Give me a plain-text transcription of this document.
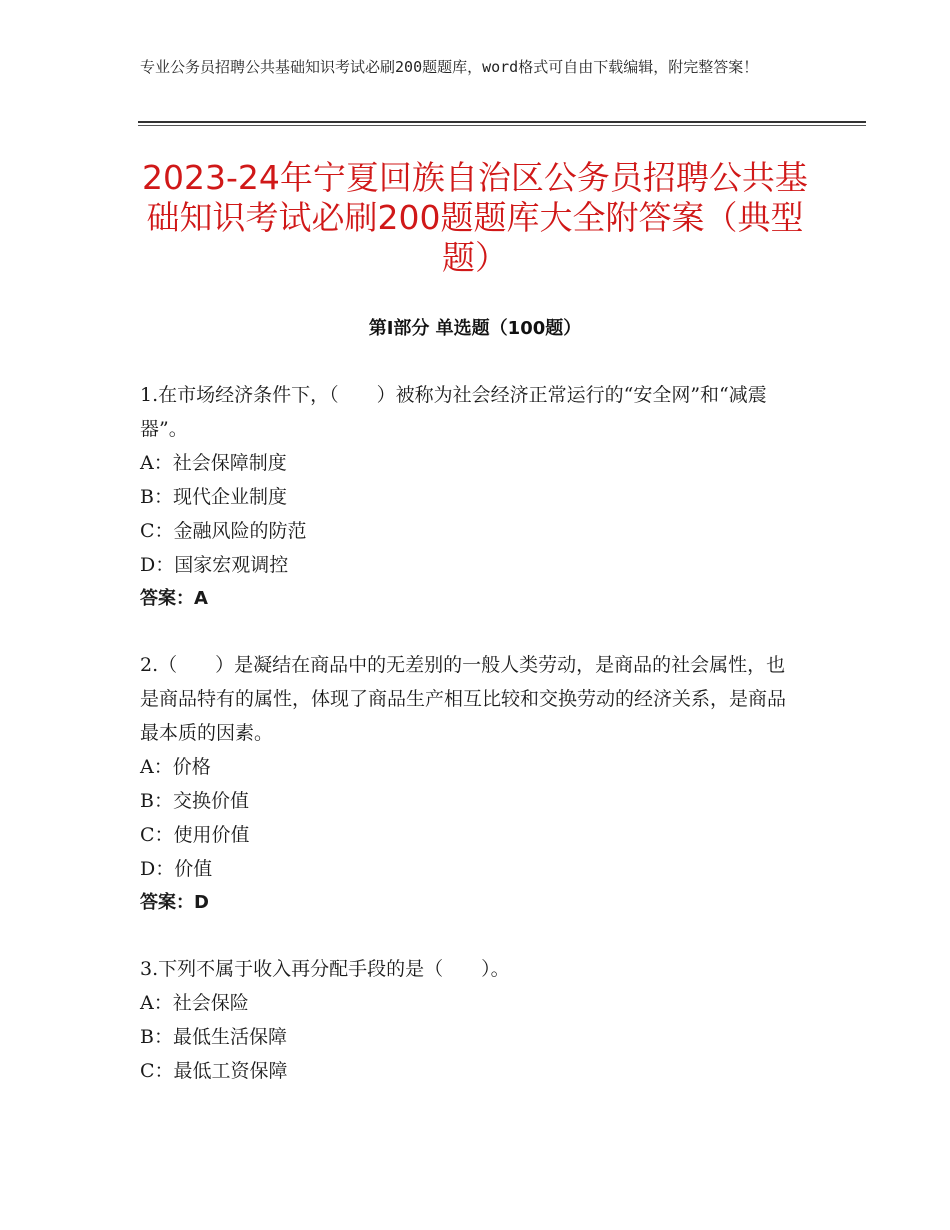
专业公务员招聘公共基础知识考试必刷200题题库，word格式可自由下载编辑，附完整答案！
2023-24年宁夏回族自治区公务员招聘公共基础知识考试必刷200题题库大全附答案（典型题）
第Ⅰ部分 单选题（100题）

1.在市场经济条件下，（　　）被称为社会经济正常运行的“安全网”和“减震器”。

A：社会保障制度

B：现代企业制度

C：金融风险的防范

D：国家宏观调控

答案：A

2.（　　）是凝结在商品中的无差别的一般人类劳动，是商品的社会属性，也是商品特有的属性，体现了商品生产相互比较和交换劳动的经济关系，是商品最本质的因素。

A：价格

B：交换价值

C：使用价值

D：价值

答案：D

3.下列不属于收入再分配手段的是（　　）。

A：社会保险

B：最低生活保障

C：最低工资保障
